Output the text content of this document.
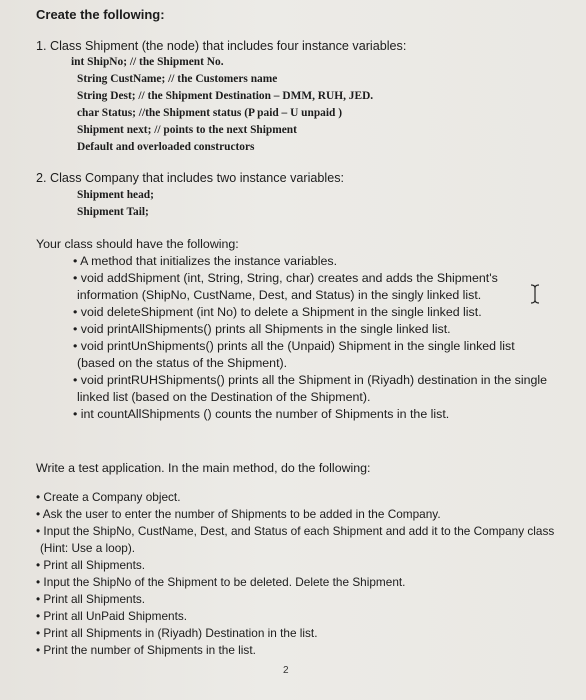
Create the following:
1. Class Shipment (the node) that includes four instance variables:
int ShipNo; // the Shipment No.
String CustName; // the Customers name
String Dest; // the Shipment Destination – DMM, RUH, JED.
char Status; //the Shipment status (P paid – U unpaid )
Shipment next; // points to the next Shipment
Default and overloaded constructors
2. Class Company that includes two instance variables:
Shipment head;
Shipment Tail;
Your class should have the following:
• A method that initializes the instance variables.
• void addShipment (int, String, String, char) creates and adds the Shipment's
information (ShipNo, CustName, Dest, and Status) in the singly linked list.
• void deleteShipment (int No) to delete a Shipment in the single linked list.
• void printAllShipments() prints all Shipments in the single linked list.
• void printUnShipments() prints all the (Unpaid) Shipment in the single linked list
(based on the status of the Shipment).
• void printRUHShipments() prints all the Shipment in (Riyadh) destination in the single
linked list (based on the Destination of the Shipment).
• int countAllShipments () counts the number of Shipments in the list.
Write a test application. In the main method, do the following:
• Create a Company object.
• Ask the user to enter the number of Shipments to be added in the Company.
• Input the ShipNo, CustName, Dest, and Status of each Shipment and add it to the Company class
(Hint: Use a loop).
• Print all Shipments.
• Input the ShipNo of the Shipment to be deleted. Delete the Shipment.
• Print all Shipments.
• Print all UnPaid Shipments.
• Print all Shipments in (Riyadh) Destination in the list.
• Print the number of Shipments in the list.
2
